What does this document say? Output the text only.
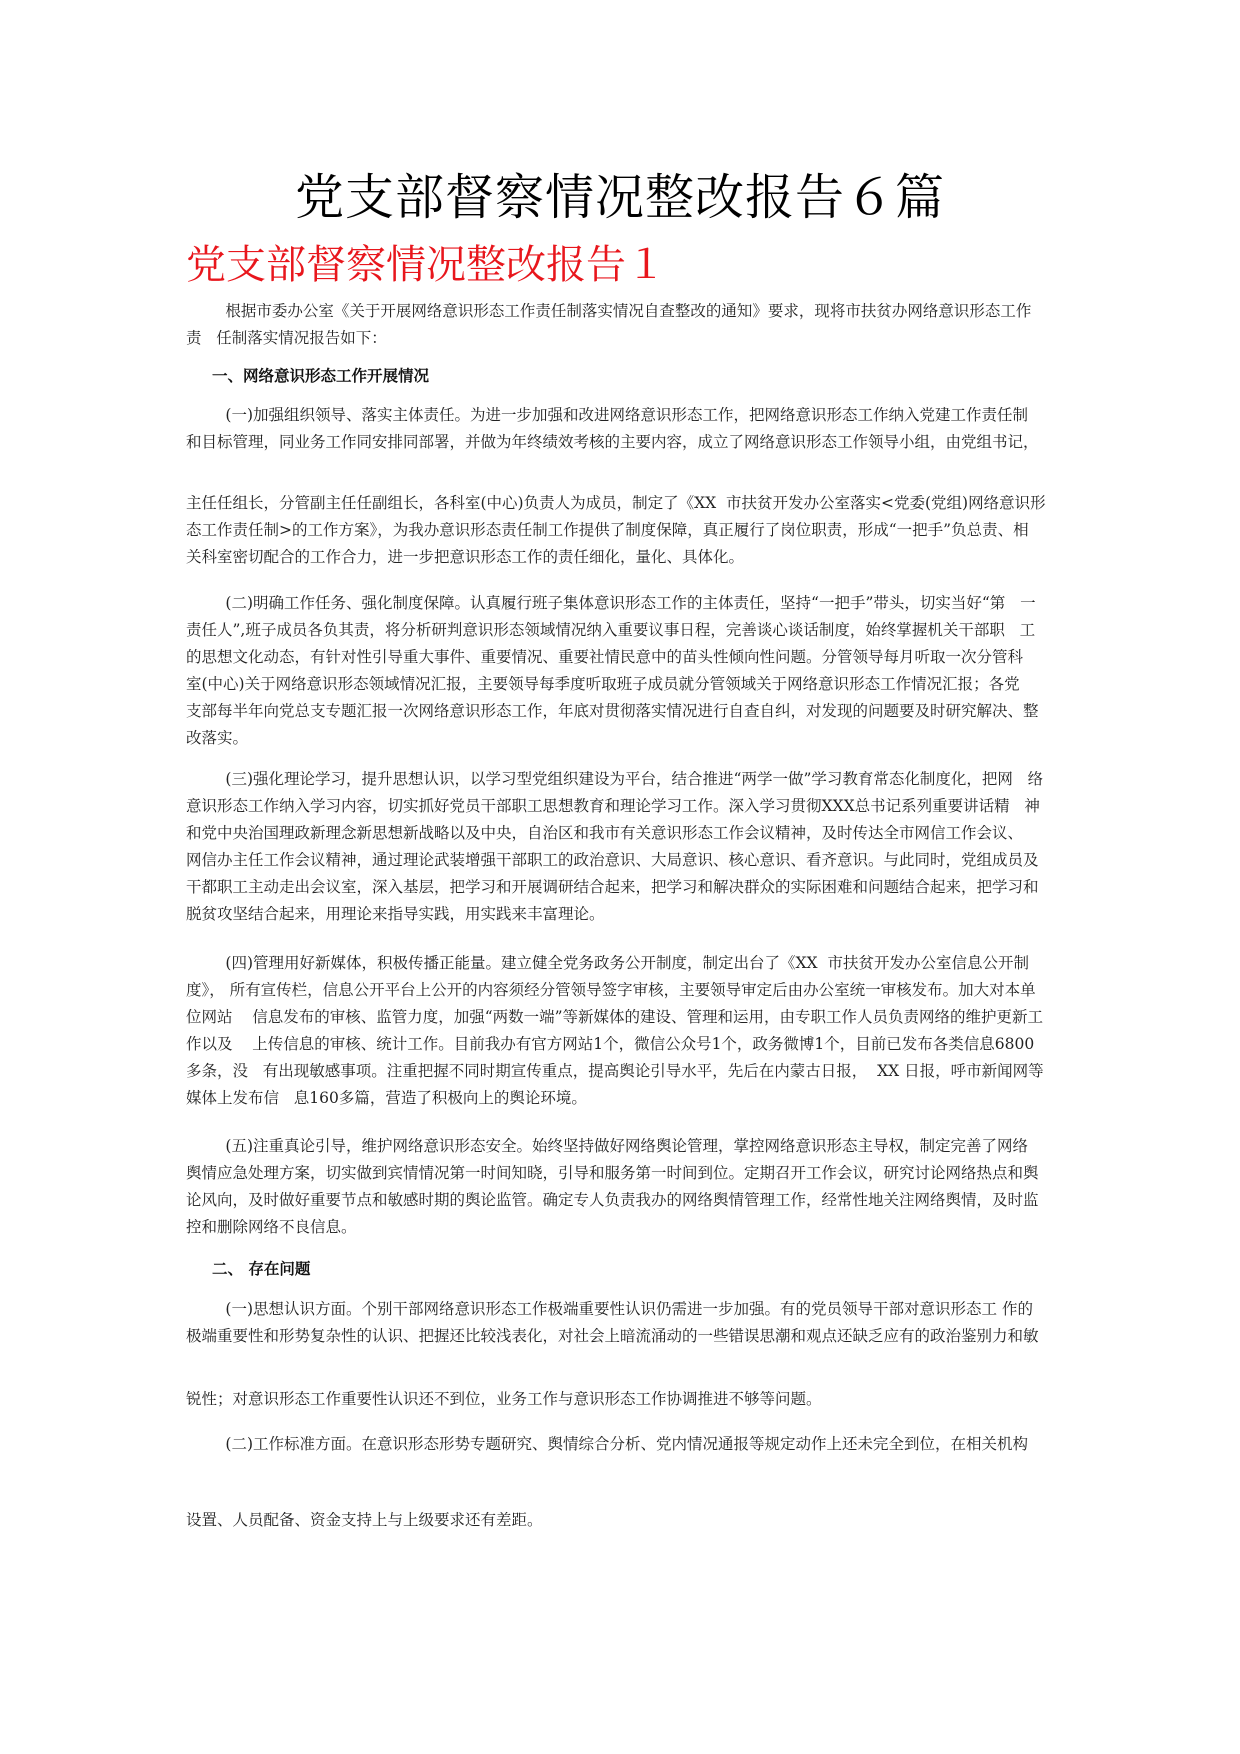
党支部督察情况整改报告６篇
党支部督察情况整改报告１

根据市委办公室《关于开展网络意识形态工作责任制落实情况自查整改的通知》要求，现将市扶贫办网络意识形态工作责   任制落实情况报告如下：

一、网络意识形态工作开展情况

(一)加强组织领导、落实主体责任。为进一步加强和改进网络意识形态工作，把网络意识形态工作纳入党建工作责任制   和目标管理，同业务工作同安排同部署，并做为年终绩效考核的主要内容，成立了网络意识形态工作领导小组，由党组书记，

主任任组长，分管副主任任副组长，各科室(中心)负责人为成员，制定了《XX  市扶贫开发办公室落实<党委(党组)网络意识形   态工作责任制>的工作方案》，为我办意识形态责任制工作提供了制度保障，真正履行了岗位职责，形成“一把手”负总责、相   关科室密切配合的工作合力，进一步把意识形态工作的责任细化，量化、具体化。

(二)明确工作任务、强化制度保障。认真履行班子集体意识形态工作的主体责任，坚持“一把手”带头，切实当好“第   一责任人”,班子成员各负其责，将分析研判意识形态领域情况纳入重要议事日程，完善谈心谈话制度，始终掌握机关干部职   工的思想文化动态，有针对性引导重大事件、重要情况、重要社情民意中的苗头性倾向性问题。分管领导每月听取一次分管科   室(中心)关于网络意识形态领域情况汇报，主要领导每季度听取班子成员就分管领域关于网络意识形态工作情况汇报；各党   支部每半年向党总支专题汇报一次网络意识形态工作，年底对贯彻落实情况进行自查自纠，对发现的问题要及时研究解决、整   改落实。

(三)强化理论学习，提升思想认识，以学习型党组织建设为平台，结合推进“两学一做”学习教育常态化制度化，把网   络意识形态工作纳入学习内容，切实抓好党员干部职工思想教育和理论学习工作。深入学习贯彻XXX总书记系列重要讲话精   神和党中央治国理政新理念新思想新战略以及中央，自治区和我市有关意识形态工作会议精神，及时传达全市网信工作会议、   网信办主任工作会议精神，通过理论武装增强干部职工的政治意识、大局意识、核心意识、看齐意识。与此同时，党组成员及   干都职工主动走出会议室，深入基层，把学习和开展调研结合起来，把学习和解决群众的实际困难和问题结合起来，把学习和   脱贫攻坚结合起来，用理论来指导实践，用实践来丰富理论。

(四)管理用好新媒体，积极传播正能量。建立健全党务政务公开制度，制定出台了《XX  市扶贫开发办公室信息公开制度》， 所有宣传栏，信息公开平台上公开的内容须经分管领导签字审核，主要领导审定后由办公室统一审核发布。加大对本单位网站    信息发布的审核、监管力度，加强“两数一端”等新媒体的建设、管理和运用，由专职工作人员负责网络的维护更新工作以及    上传信息的审核、统计工作。目前我办有官方网站1个，微信公众号1个，政务微博1个，目前已发布各类信息6800多条，没   有出现敏感事项。注重把握不同时期宣传重点，提高舆论引导水平，先后在内蒙古日报，  XX 日报，呼市新闻网等媒体上发布信   息160多篇，营造了积极向上的舆论环境。

(五)注重真论引导，维护网络意识形态安全。始终坚持做好网络舆论管理，掌控网络意识形态主导权，制定完善了网络   舆情应急处理方案，切实做到宾情情况第一时间知晓，引导和服务第一时间到位。定期召开工作会议，研究讨论网络热点和舆   论风向，及时做好重要节点和敏感时期的舆论监管。确定专人负责我办的网络舆情管理工作，经常性地关注网络舆情，及时监   控和删除网络不良信息。

二、 存在问题

(一)思想认识方面。个别干部网络意识形态工作极端重要性认识仍需进一步加强。有的党员领导干部对意识形态工 作的   极端重要性和形势复杂性的认识、把握还比较浅表化，对社会上暗流涌动的一些错误思潮和观点还缺乏应有的政治鉴别力和敏

锐性；对意识形态工作重要性认识还不到位，业务工作与意识形态工作协调推进不够等问题。

(二)工作标准方面。在意识形态形势专题研究、舆情综合分析、党内情况通报等规定动作上还未完全到位，在相关机构

设置、人员配备、资金支持上与上级要求还有差距。
